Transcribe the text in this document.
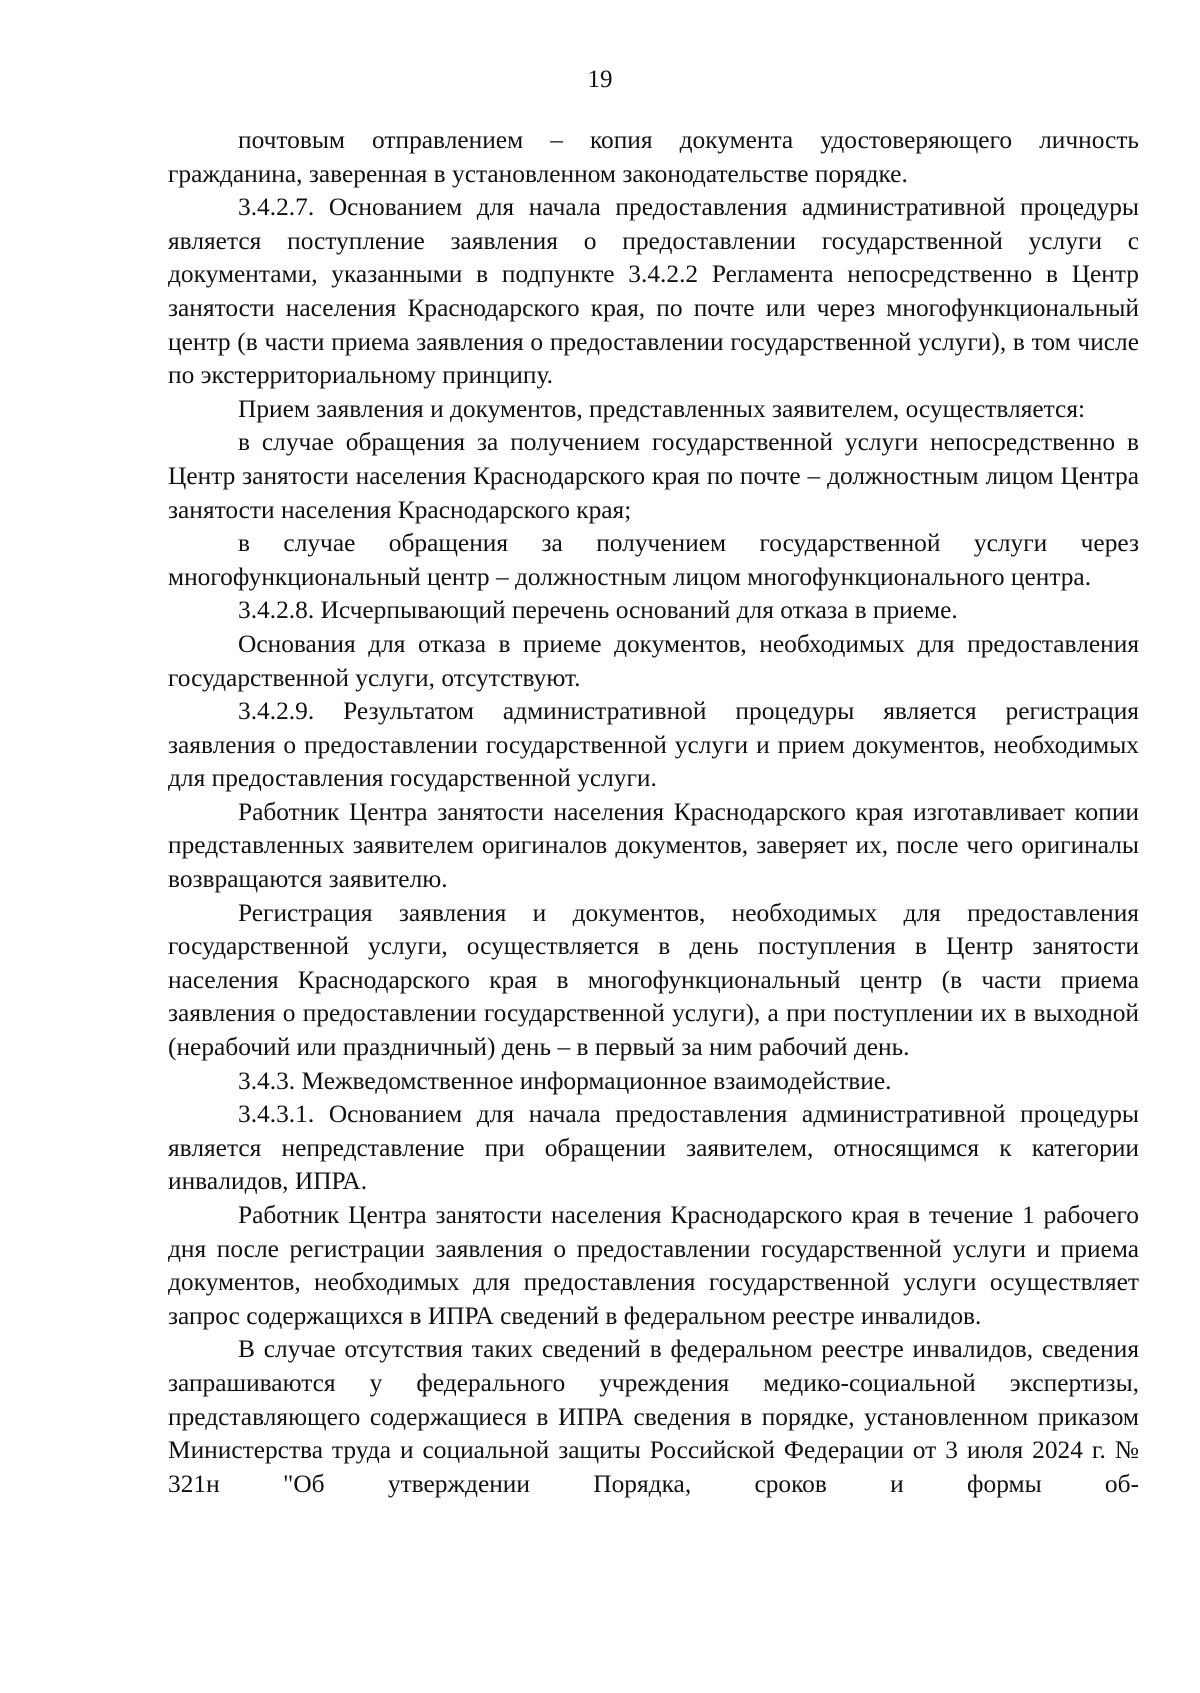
19

почтовым отправлением – копия документа удостоверяющего личность гражданина, заверенная в установленном законодательстве порядке.

3.4.2.7. Основанием для начала предоставления административной процедуры является поступление заявления о предоставлении государственной услуги с документами, указанными в подпункте 3.4.2.2 Регламента непосредственно в Центр занятости населения Краснодарского края, по почте или через многофункциональный центр (в части приема заявления о предоставлении государственной услуги), в том числе по экстерриториальному принципу.

Прием заявления и документов, представленных заявителем, осуществляется:

в случае обращения за получением государственной услуги непосредственно в Центр занятости населения Краснодарского края по почте – должностным лицом Центра занятости населения Краснодарского края;

в случае обращения за получением государственной услуги через многофункциональный центр – должностным лицом многофункционального центра.

3.4.2.8. Исчерпывающий перечень оснований для отказа в приеме.

Основания для отказа в приеме документов, необходимых для предоставления государственной услуги, отсутствуют.

3.4.2.9. Результатом административной процедуры является регистрация заявления о предоставлении государственной услуги и прием документов, необходимых для предоставления государственной услуги.

Работник Центра занятости населения Краснодарского края изготавливает копии представленных заявителем оригиналов документов, заверяет их, после чего оригиналы возвращаются заявителю.

Регистрация заявления и документов, необходимых для предоставления государственной услуги, осуществляется в день поступления в Центр занятости населения Краснодарского края в многофункциональный центр (в части приема заявления о предоставлении государственной услуги), а при поступлении их в выходной (нерабочий или праздничный) день – в первый за ним рабочий день.

3.4.3. Межведомственное информационное взаимодействие.

3.4.3.1. Основанием для начала предоставления административной процедуры является непредставление при обращении заявителем, относящимся к категории инвалидов, ИПРА.

Работник Центра занятости населения Краснодарского края в течение 1 рабочего дня после регистрации заявления о предоставлении государственной услуги и приема документов, необходимых для предоставления государственной услуги осуществляет запрос содержащихся в ИПРА сведений в федеральном реестре инвалидов.

В случае отсутствия таких сведений в федеральном реестре инвалидов, сведения запрашиваются у федерального учреждения медико-социальной экспертизы, представляющего содержащиеся в ИПРА сведения в порядке, установленном приказом Министерства труда и социальной защиты Российской Федерации от 3 июля 2024 г. № 321н "Об утверждении Порядка, сроков и формы об-
